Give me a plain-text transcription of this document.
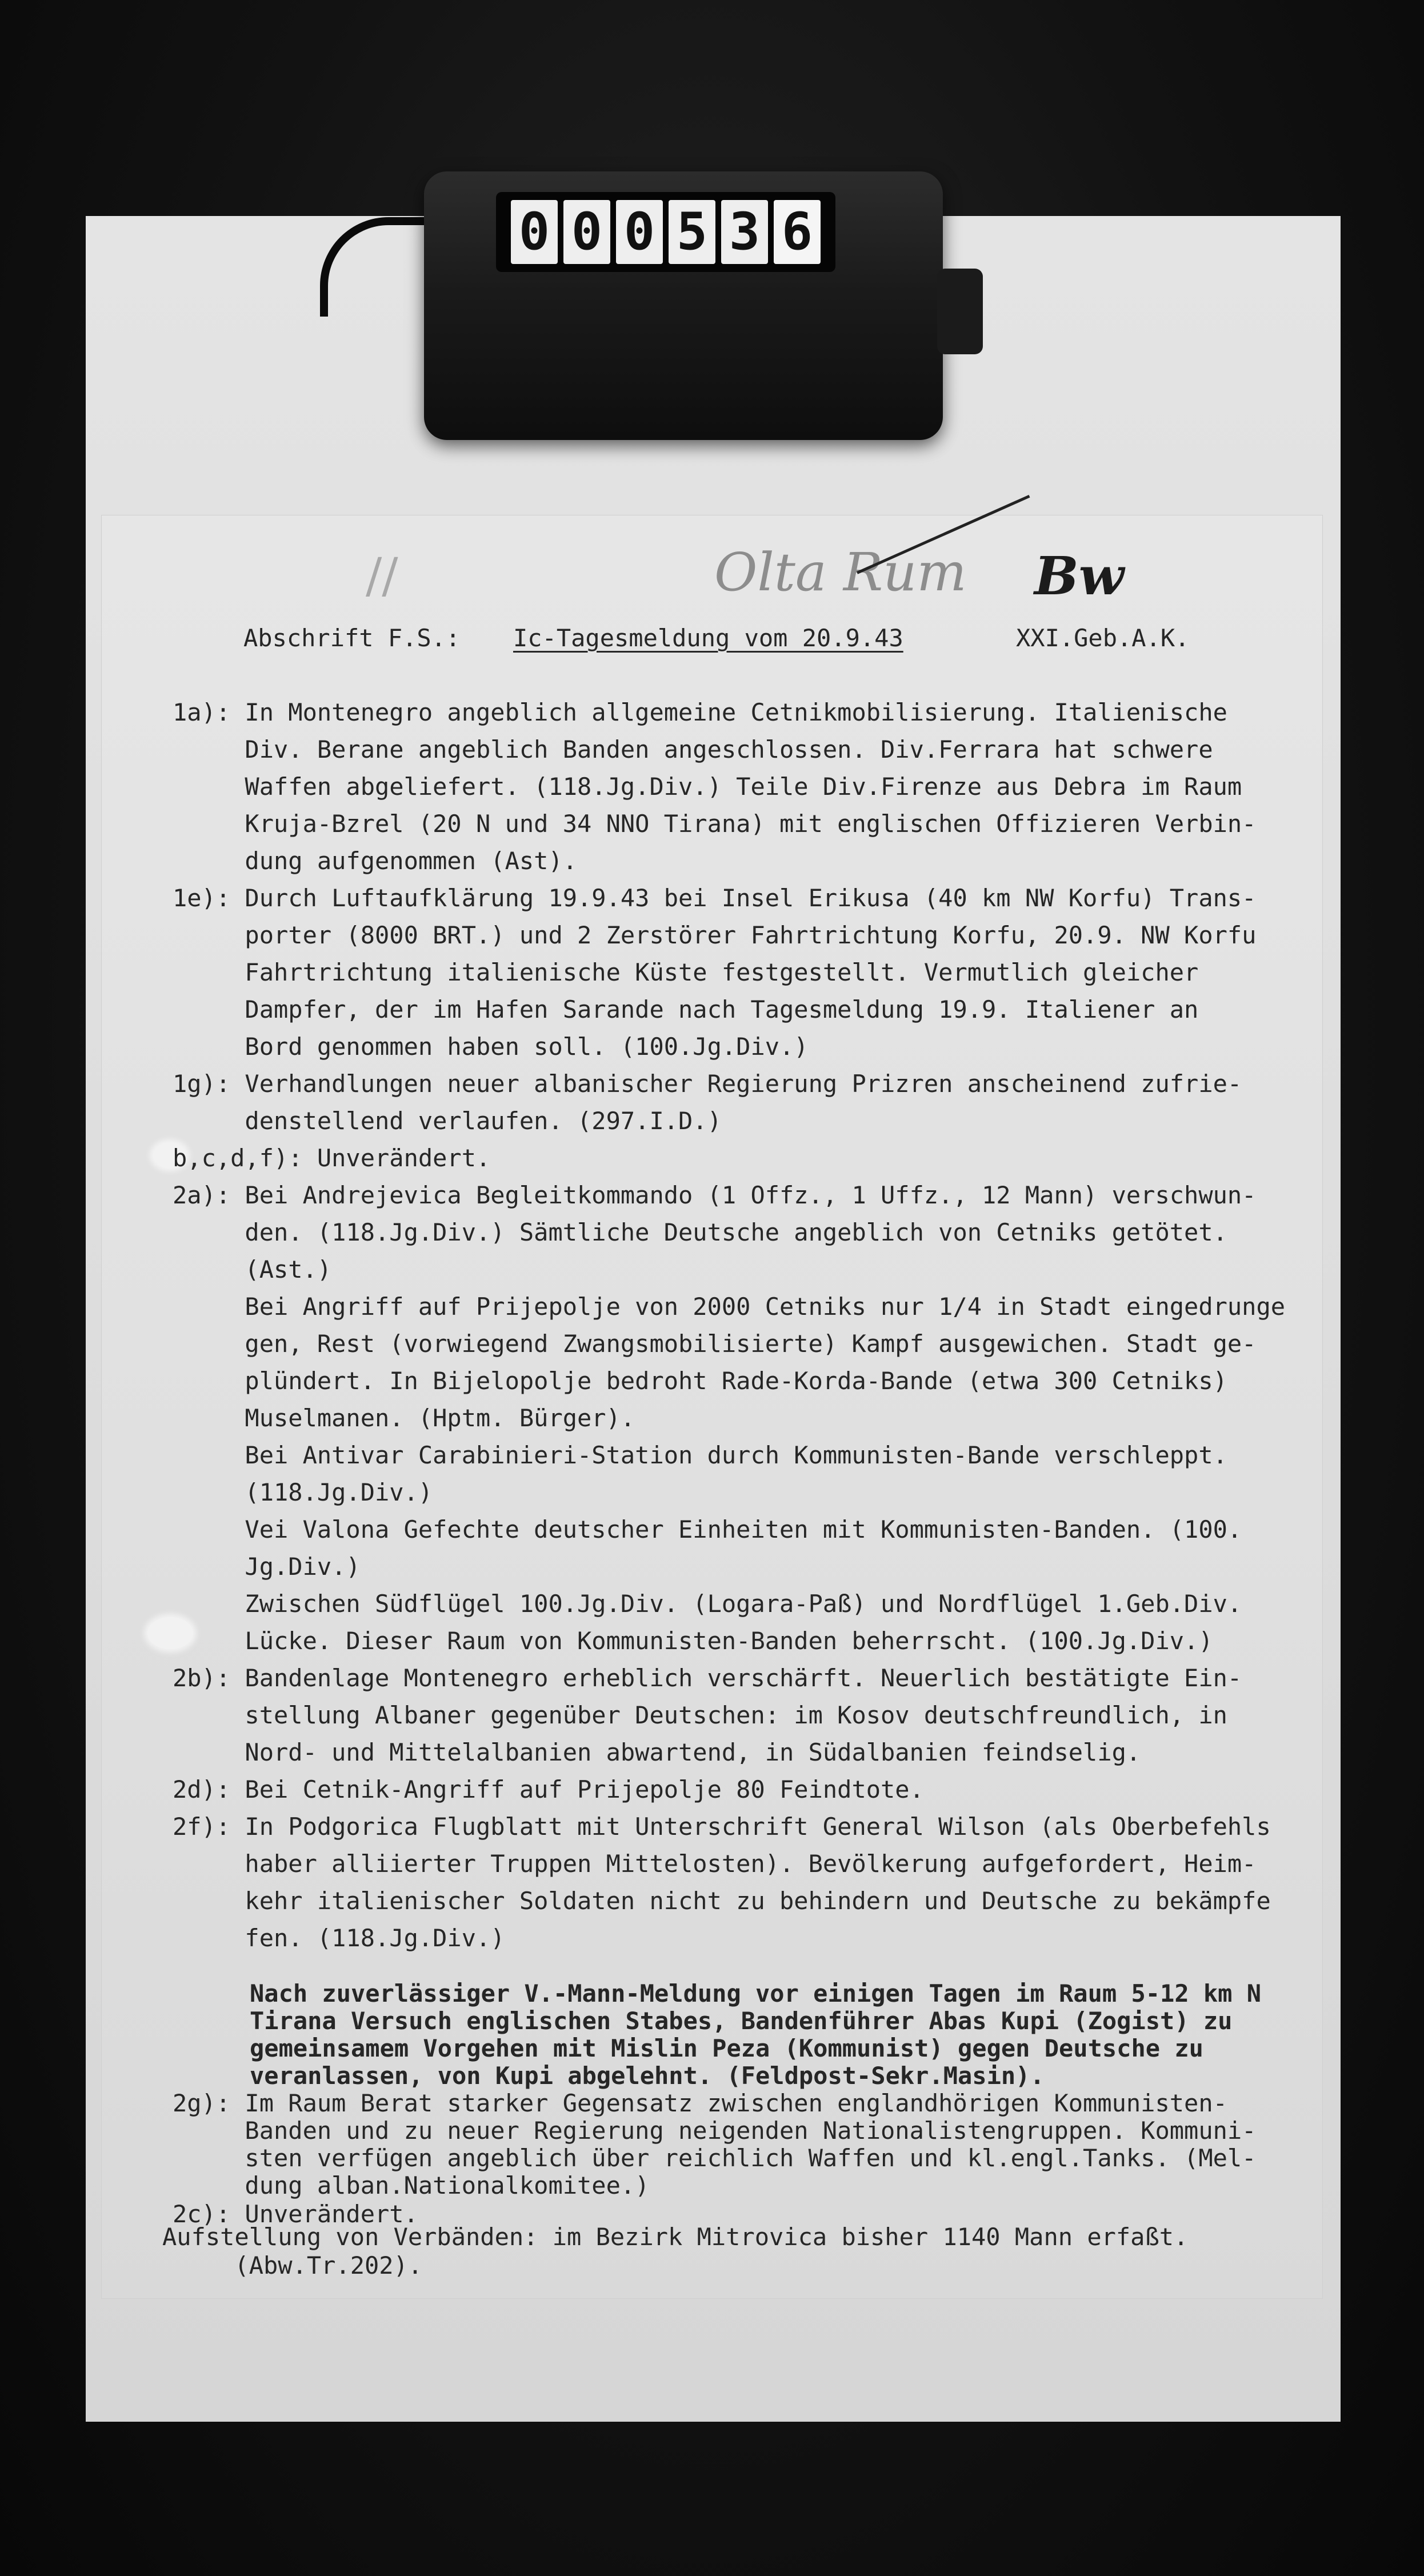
0 0 0 5 3 6
//	Olta Rum Bw
Abschrift F.S.: Ic-Tagesmeldung vom 20.9.43	XXI.Geb.A.K.
1a): In Montenegro angeblich allgemeine Cetnikmobilisierung. Italienische
Div. Berane angeblich Banden angeschlossen. Div.Ferrara hat schwere
Waffen abgeliefert. (118.Jg.Div.) Teile Div.Firenze aus Debra im Raum
Kruja-Bzrel (20 N und 34 NNO Tirana) mit englischen Offizieren Verbin-
dung aufgenommen (Ast).
1e): Durch Luftaufklärung 19.9.43 bei Insel Erikusa (40 km NW Korfu) Trans-
porter (8000 BRT.) und 2 Zerstörer Fahrtrichtung Korfu, 20.9. NW Korfu
Fahrtrichtung italienische Küste festgestellt. Vermutlich gleicher
Dampfer, der im Hafen Sarande nach Tagesmeldung 19.9. Italiener an
Bord genommen haben soll. (100.Jg.Div.)
1g): Verhandlungen neuer albanischer Regierung Prizren anscheinend zufrie-
denstellend verlaufen. (297.I.D.)
b,c,d,f): Unverändert.
2a): Bei Andrejevica Begleitkommando (1 Offz., 1 Uffz., 12 Mann) verschwun-
den. (118.Jg.Div.) Sämtliche Deutsche angeblich von Cetniks getötet.
(Ast.)
Bei Angriff auf Prijepolje von 2000 Cetniks nur 1/4 in Stadt eingedrunge
gen, Rest (vorwiegend Zwangsmobilisierte) Kampf ausgewichen. Stadt ge-
plündert. In Bijelopolje bedroht Rade-Korda-Bande (etwa 300 Cetniks)
Muselmanen. (Hptm. Bürger).
Bei Antivar Carabinieri-Station durch Kommunisten-Bande verschleppt.
(118.Jg.Div.)
Vei Valona Gefechte deutscher Einheiten mit Kommunisten-Banden. (100.
Jg.Div.)
Zwischen Südflügel 100.Jg.Div. (Logara-Paß) und Nordflügel 1.Geb.Div.
Lücke. Dieser Raum von Kommunisten-Banden beherrscht. (100.Jg.Div.)
2b): Bandenlage Montenegro erheblich verschärft. Neuerlich bestätigte Ein-
stellung Albaner gegenüber Deutschen: im Kosov deutschfreundlich, in
Nord- und Mittelalbanien abwartend, in Südalbanien feindselig.
2d): Bei Cetnik-Angriff auf Prijepolje 80 Feindtote.
2f): In Podgorica Flugblatt mit Unterschrift General Wilson (als Oberbefehls
haber alliierter Truppen Mittelosten). Bevölkerung aufgefordert, Heim-
kehr italienischer Soldaten nicht zu behindern und Deutsche zu bekämpfe
fen. (118.Jg.Div.)
Nach zuverlässiger V.-Mann-Meldung vor einigen Tagen im Raum 5-12 km N
Tirana Versuch englischen Stabes, Bandenführer Abas Kupi (Zogist) zu
gemeinsamem Vorgehen mit Mislin Peza (Kommunist) gegen Deutsche zu
veranlassen, von Kupi abgelehnt. (Feldpost-Sekr.Masin).
2g): Im Raum Berat starker Gegensatz zwischen englandhörigen Kommunisten-
Banden und zu neuer Regierung neigenden Nationalistengruppen. Kommuni-
sten verfügen angeblich über reichlich Waffen und kl.engl.Tanks. (Mel-
dung alban.Nationalkomitee.)
2c): Unverändert.
Aufstellung von Verbänden: im Bezirk Mitrovica bisher 1140 Mann erfaßt.
(Abw.Tr.202).
